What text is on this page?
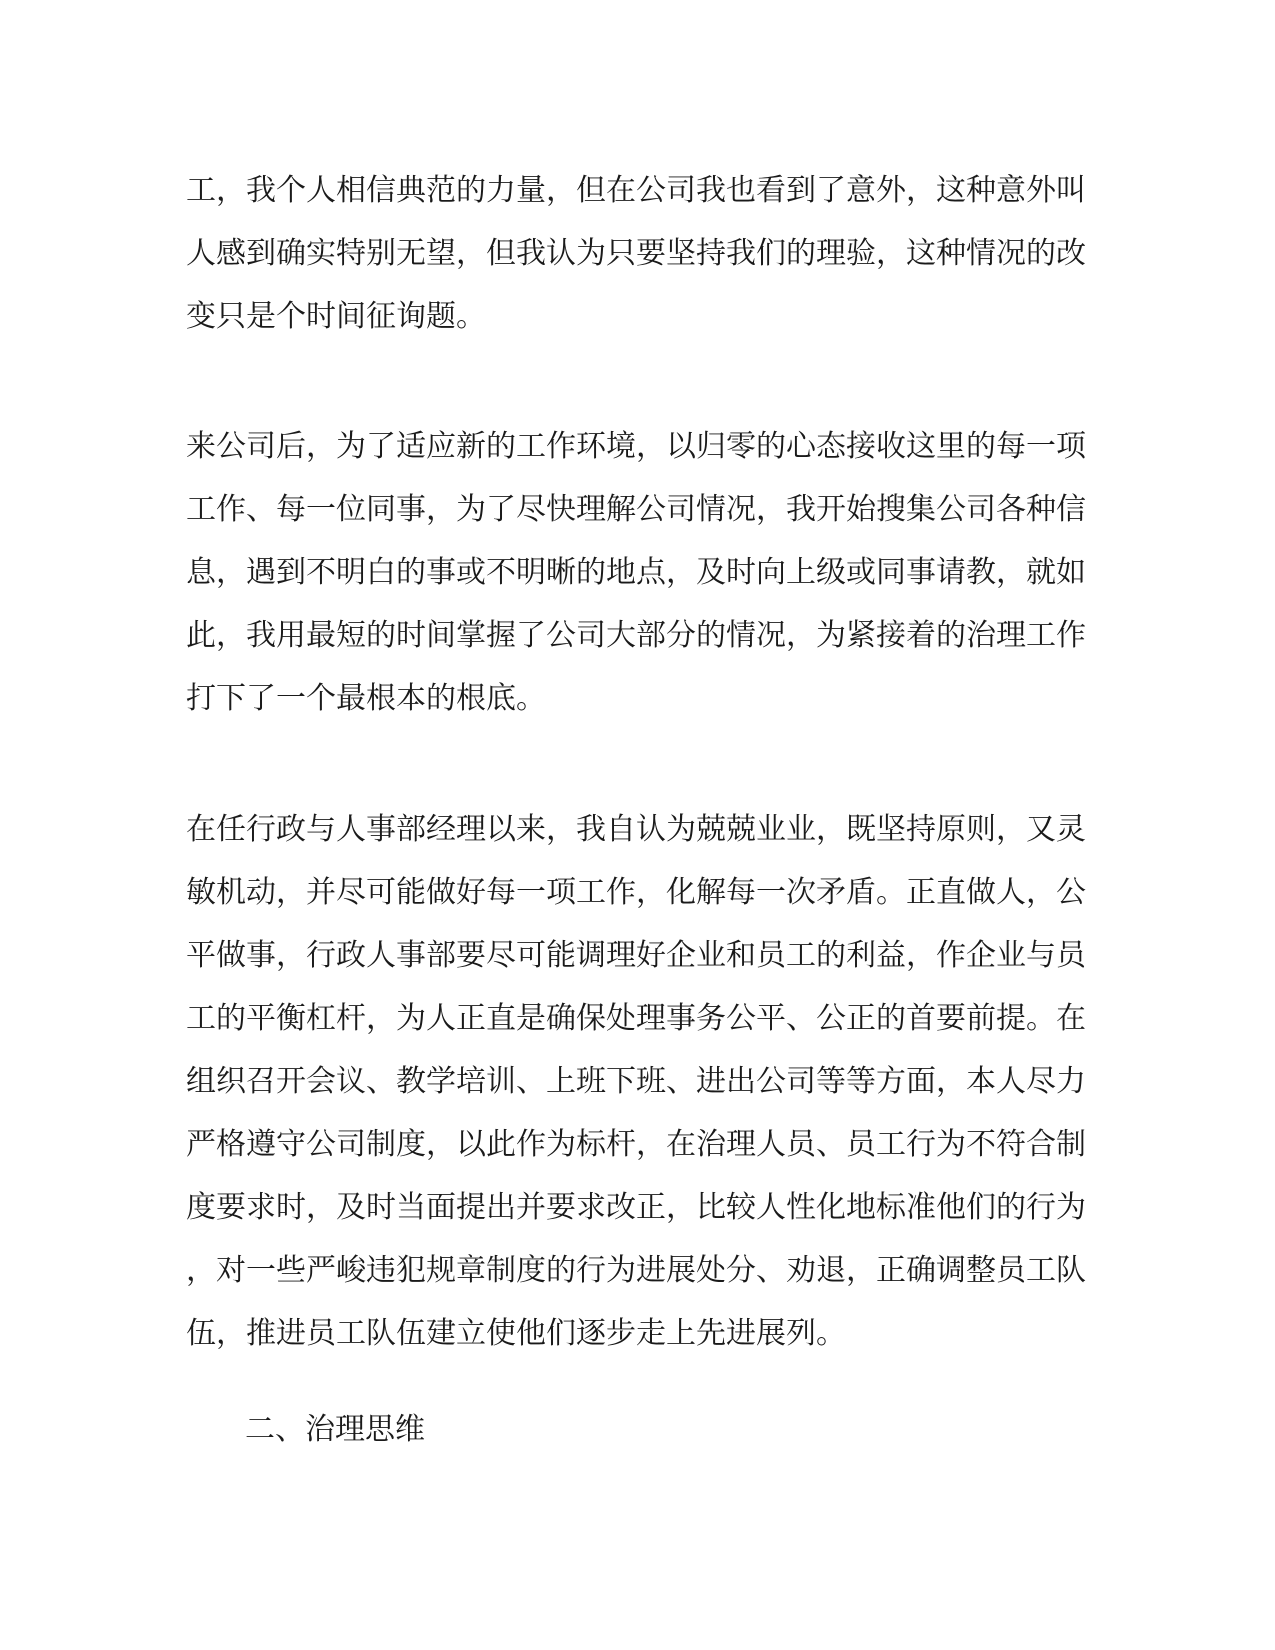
工，我个人相信典范的力量，但在公司我也看到了意外，这种意外叫
人感到确实特别无望，但我认为只要坚持我们的理验，这种情况的改
变只是个时间征询题。
来公司后，为了适应新的工作环境，以归零的心态接收这里的每一项
工作、每一位同事，为了尽快理解公司情况，我开始搜集公司各种信
息，遇到不明白的事或不明晰的地点，及时向上级或同事请教，就如
此，我用最短的时间掌握了公司大部分的情况，为紧接着的治理工作
打下了一个最根本的根底。
在任行政与人事部经理以来，我自认为兢兢业业，既坚持原则，又灵
敏机动，并尽可能做好每一项工作，化解每一次矛盾。正直做人，公
平做事，行政人事部要尽可能调理好企业和员工的利益，作企业与员
工的平衡杠杆，为人正直是确保处理事务公平、公正的首要前提。在
组织召开会议、教学培训、上班下班、进出公司等等方面，本人尽力
严格遵守公司制度，以此作为标杆，在治理人员、员工行为不符合制
度要求时，及时当面提出并要求改正，比较人性化地标准他们的行为
，对一些严峻违犯规章制度的行为进展处分、劝退，正确调整员工队
伍，推进员工队伍建立使他们逐步走上先进展列。
二、治理思维
